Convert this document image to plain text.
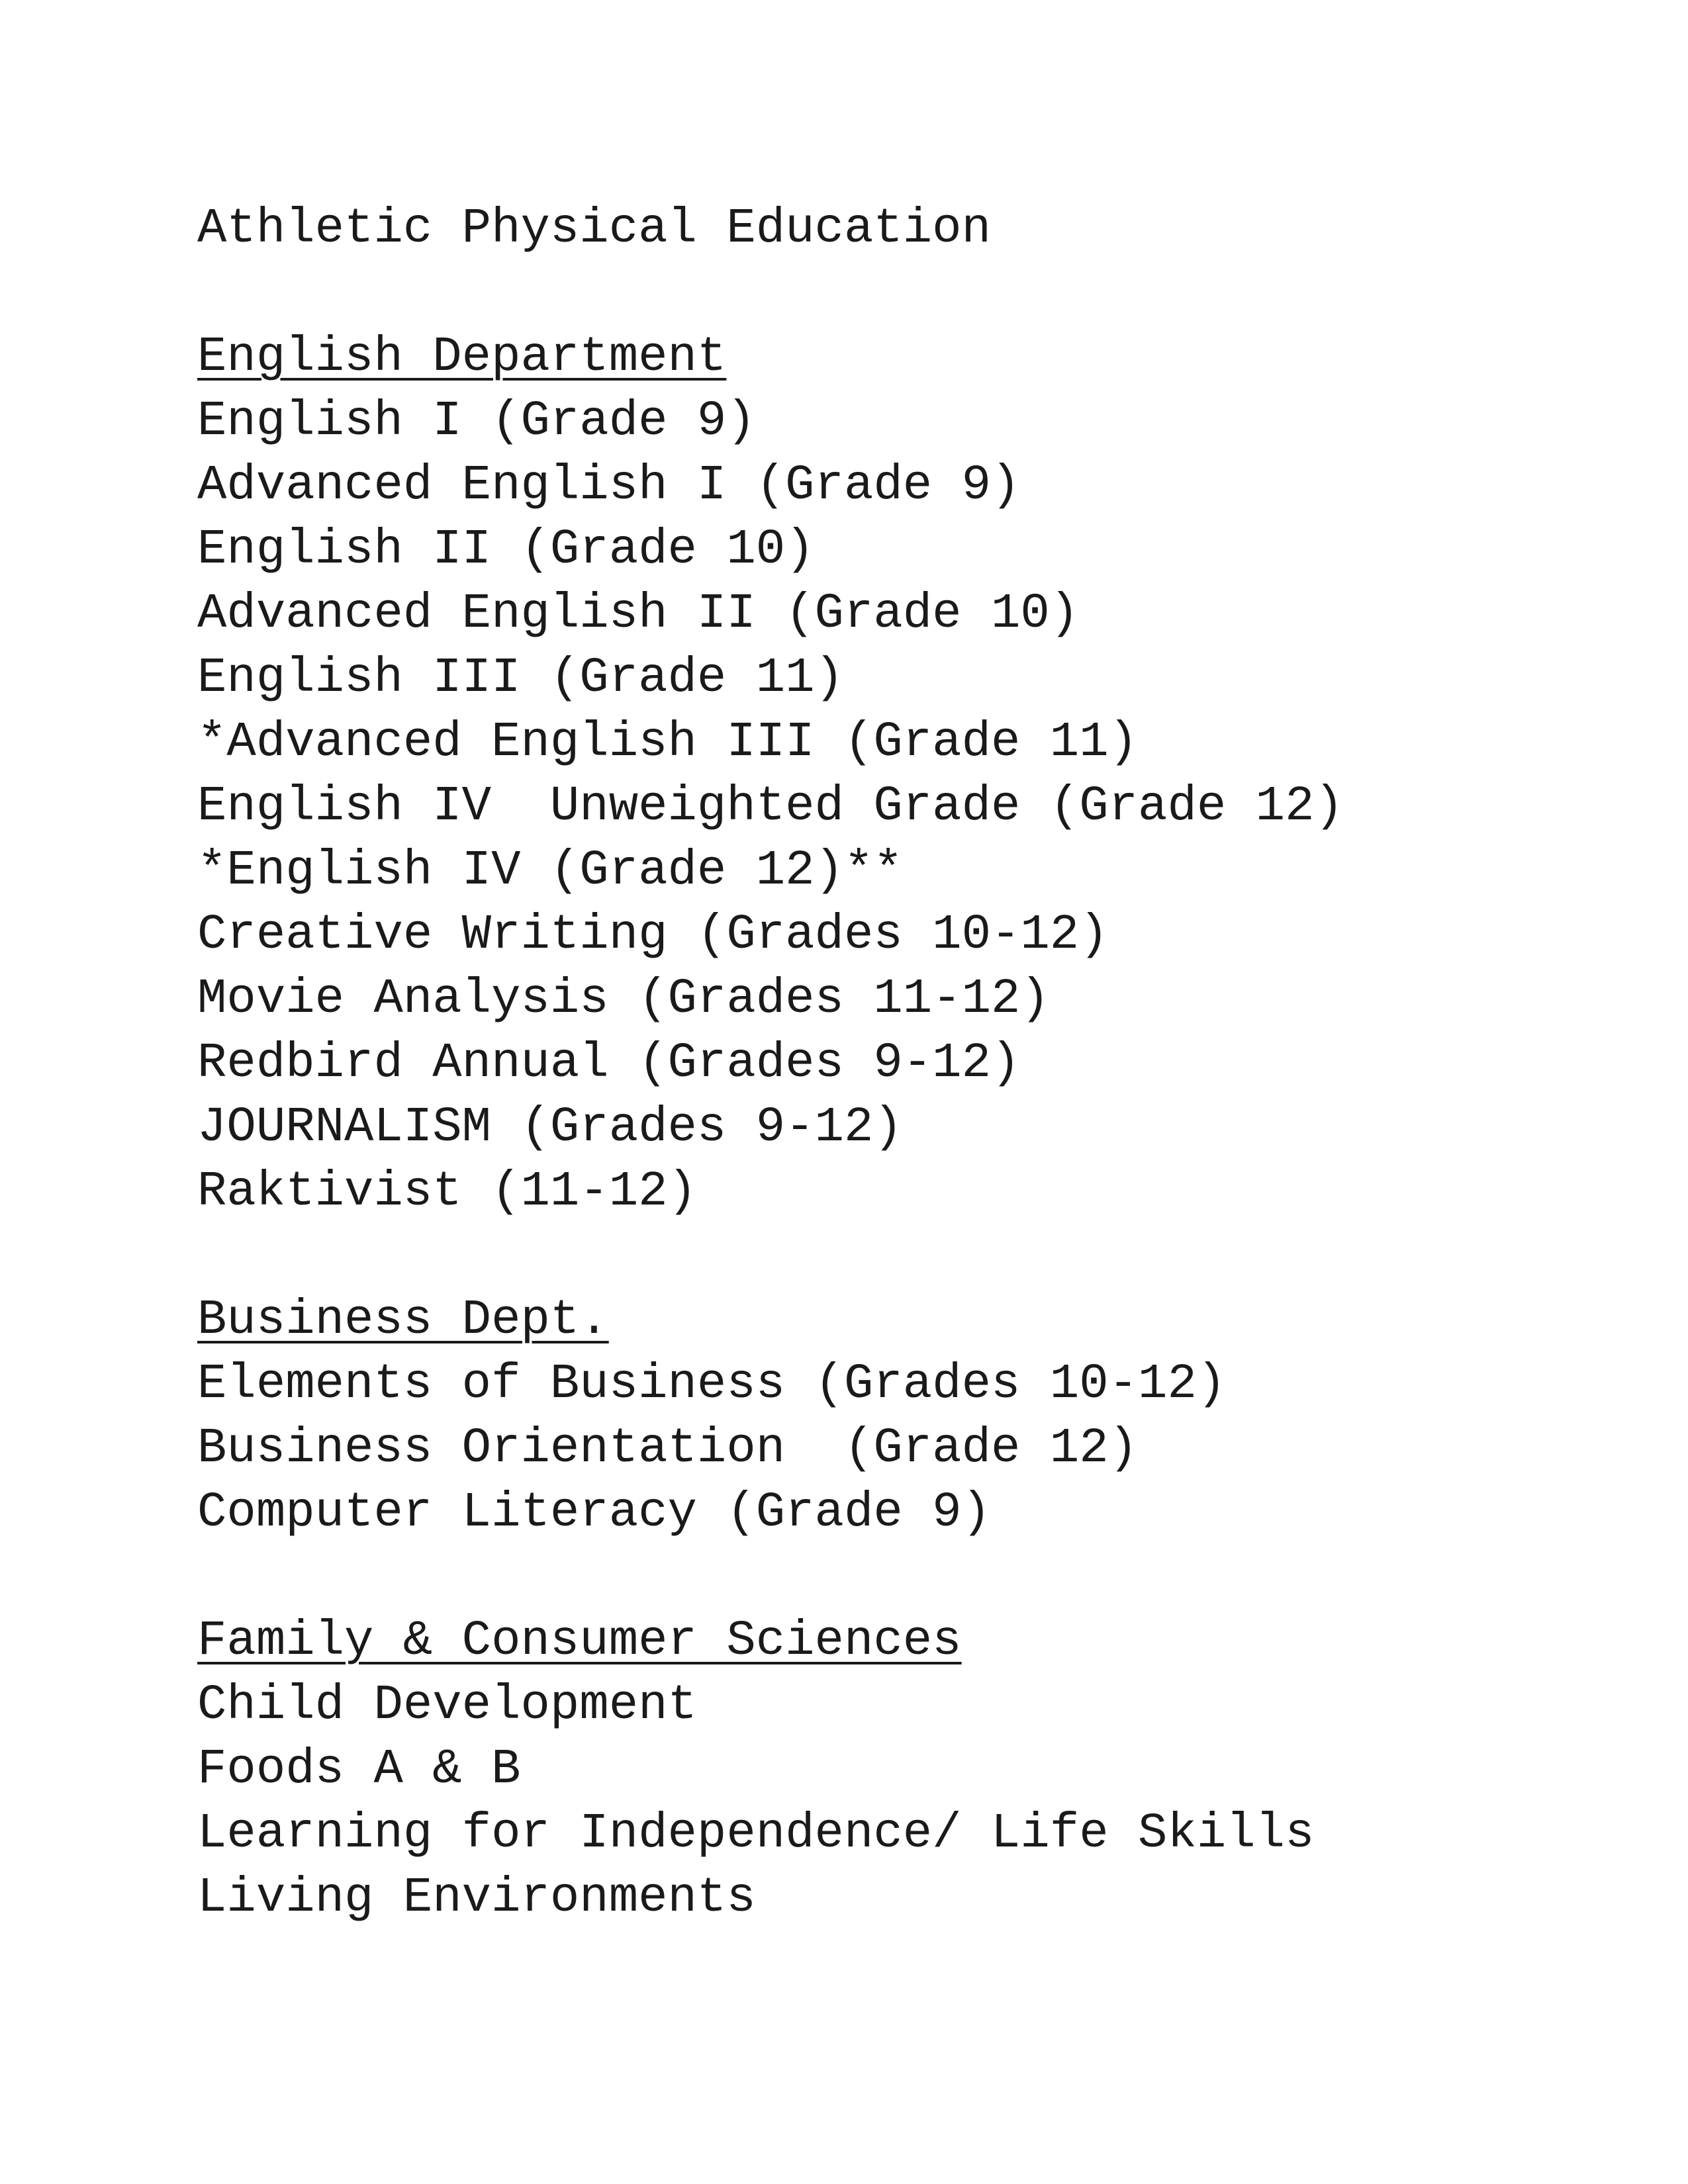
Athletic Physical Education
English Department
English I (Grade 9)
Advanced English I (Grade 9)
English II (Grade 10)
Advanced English II (Grade 10)
English III (Grade 11)
*Advanced English III (Grade 11)
English IV  Unweighted Grade (Grade 12)
*English IV (Grade 12)**
Creative Writing (Grades 10-12)
Movie Analysis (Grades 11-12)
Redbird Annual (Grades 9-12)
JOURNALISM (Grades 9-12)
Raktivist (11-12)
Business Dept.
Elements of Business (Grades 10-12)
Business Orientation  (Grade 12)
Computer Literacy (Grade 9)
Family & Consumer Sciences
Child Development
Foods A & B
Learning for Independence/ Life Skills
Living Environments
